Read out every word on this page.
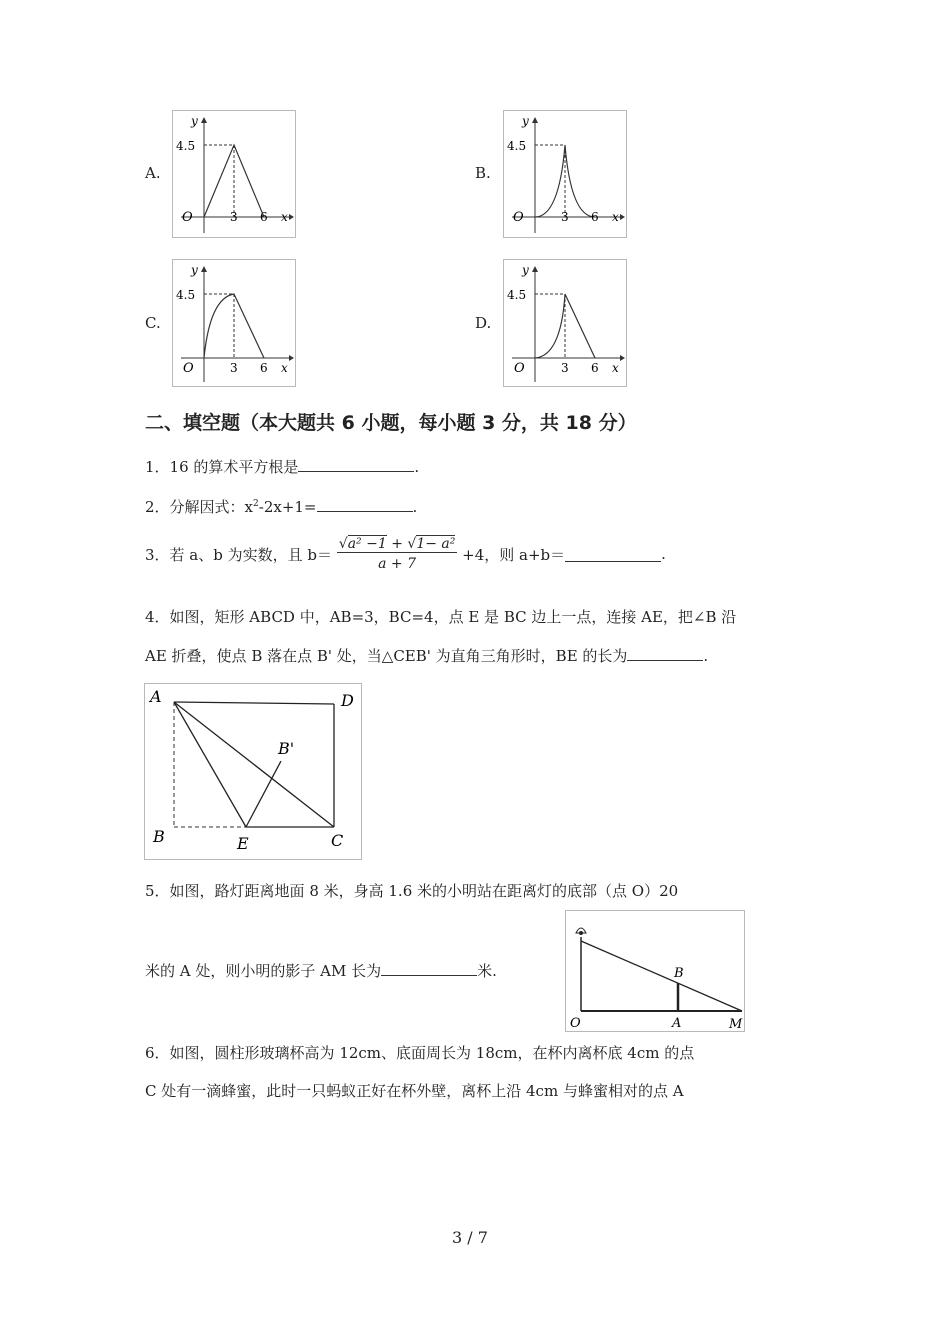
A.
y
4.5
O	3 6 x
B.
y
4.5
O	3 6 x
C.
y
4.5
O	3 6 x
D.
y
4.5
O	3 6 x
二、填空题（本大题共 6 小题，每小题 3 分，共 18 分）
1．16 的算术平方根是	.
2．分解因式：$x^2-2x+1=$	.
3．若 a、b 为实数，且 $b= \frac{\text{√a² −1 + √1− a²}}{a + 7} +4$，则 a+b＝	.
4．如图，矩形 ABCD 中，AB=3，BC=4，点 E 是 BC 边上一点，连接 AE，把∠B 沿
AE 折叠，使点 B 落在点 B' 处，当△CEB' 为直角三角形时，BE 的长为	.
A	D
B'
B	E	C
5．如图，路灯距离地面 8 米，身高 1.6 米的小明站在距离灯的底部（点 O）20
米的 A 处，则小明的影子 AM 长为	米.	B
O	A	M
6．如图，圆柱形玻璃杯高为 12cm、底面周长为 18cm，在杯内离杯底 4cm 的点
C 处有一滴蜂蜜，此时一只蚂蚁正好在杯外壁，离杯上沿 4cm 与蜂蜜相对的点 A
3 / 7
